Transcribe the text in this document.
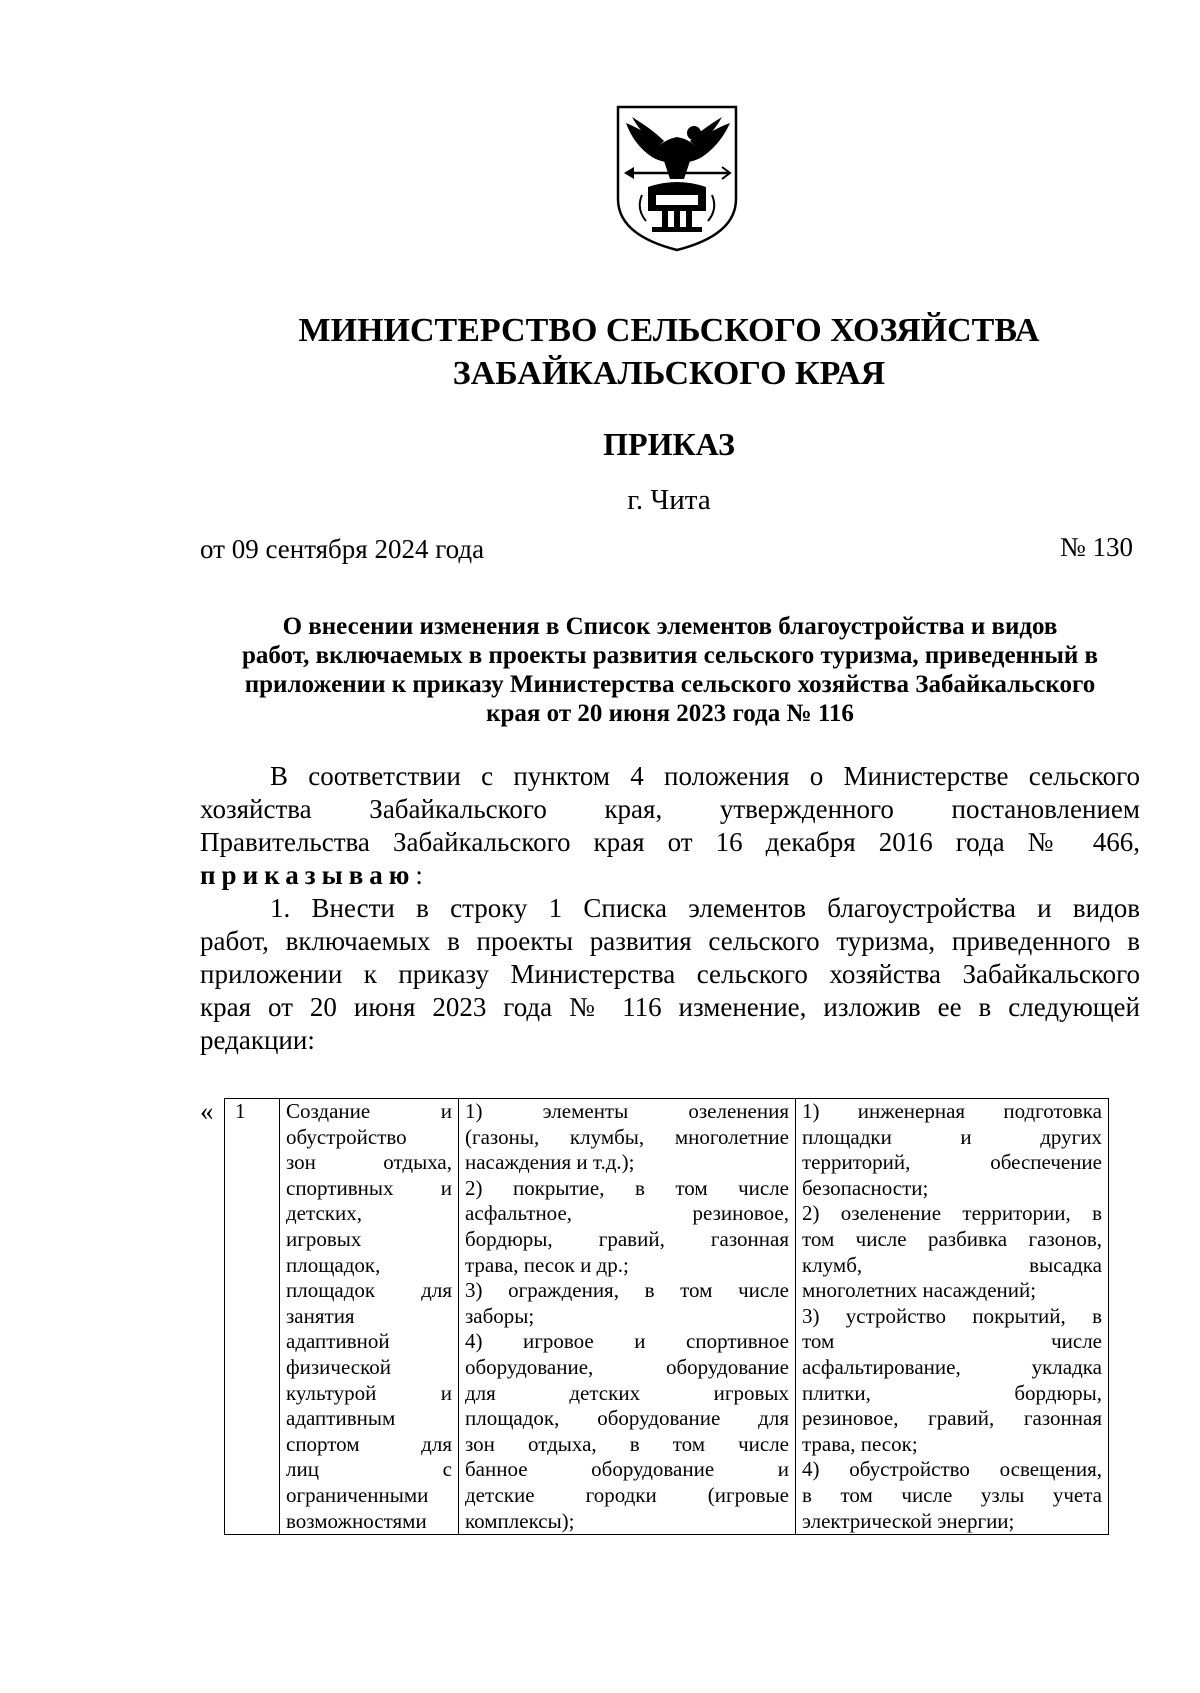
МИНИСТЕРСТВО СЕЛЬСКОГО ХОЗЯЙСТВА
ЗАБАЙКАЛЬСКОГО КРАЯ
ПРИКАЗ
г. Чита
от 09 сентября 2024 года	№ 130
О внесении изменения в Список элементов благоустройства и видов
работ, включаемых в проекты развития сельского туризма, приведенный в
приложении к приказу Министерства сельского хозяйства Забайкальского
края от 20 июня 2023 года № 116
В соответствии с пунктом 4 положения о Министерстве сельского
хозяйства Забайкальского края, утвержденного постановлением
Правительства Забайкальского края от 16 декабря 2016 года № 466,
приказываю:
1. Внести в строку 1 Списка элементов благоустройства и видов
работ, включаемых в проекты развития сельского туризма, приведенного в
приложении к приказу Министерства сельского хозяйства Забайкальского
края от 20 июня 2023 года № 116 изменение, изложив ее в следующей
редакции:
« 1	Создание и
обустройство
зон отдыха,
спортивных и
детских,
игровых
площадок,
площадок для
занятия
адаптивной
физической
культурой и
адаптивным
спортом для
лиц с
ограниченными
возможностями

1) элементы озеленения
(газоны, клумбы, многолетние
насаждения и т.д.);
2) покрытие, в том числе
асфальтное, резиновое,
бордюры, гравий, газонная
трава, песок и др.;
3) ограждения, в том числе
заборы;
4) игровое и спортивное
оборудование, оборудование
для детских игровых
площадок, оборудование для
зон отдыха, в том числе
банное оборудование и
детские городки (игровые
комплексы);

1) инженерная подготовка
площадки и других
территорий, обеспечение
безопасности;
2) озеленение территории, в
том числе разбивка газонов,
клумб, высадка
многолетних насаждений;
3) устройство покрытий, в
том числе
асфальтирование, укладка
плитки, бордюры,
резиновое, гравий, газонная
трава, песок;
4) обустройство освещения,
в том числе узлы учета
электрической энергии;
